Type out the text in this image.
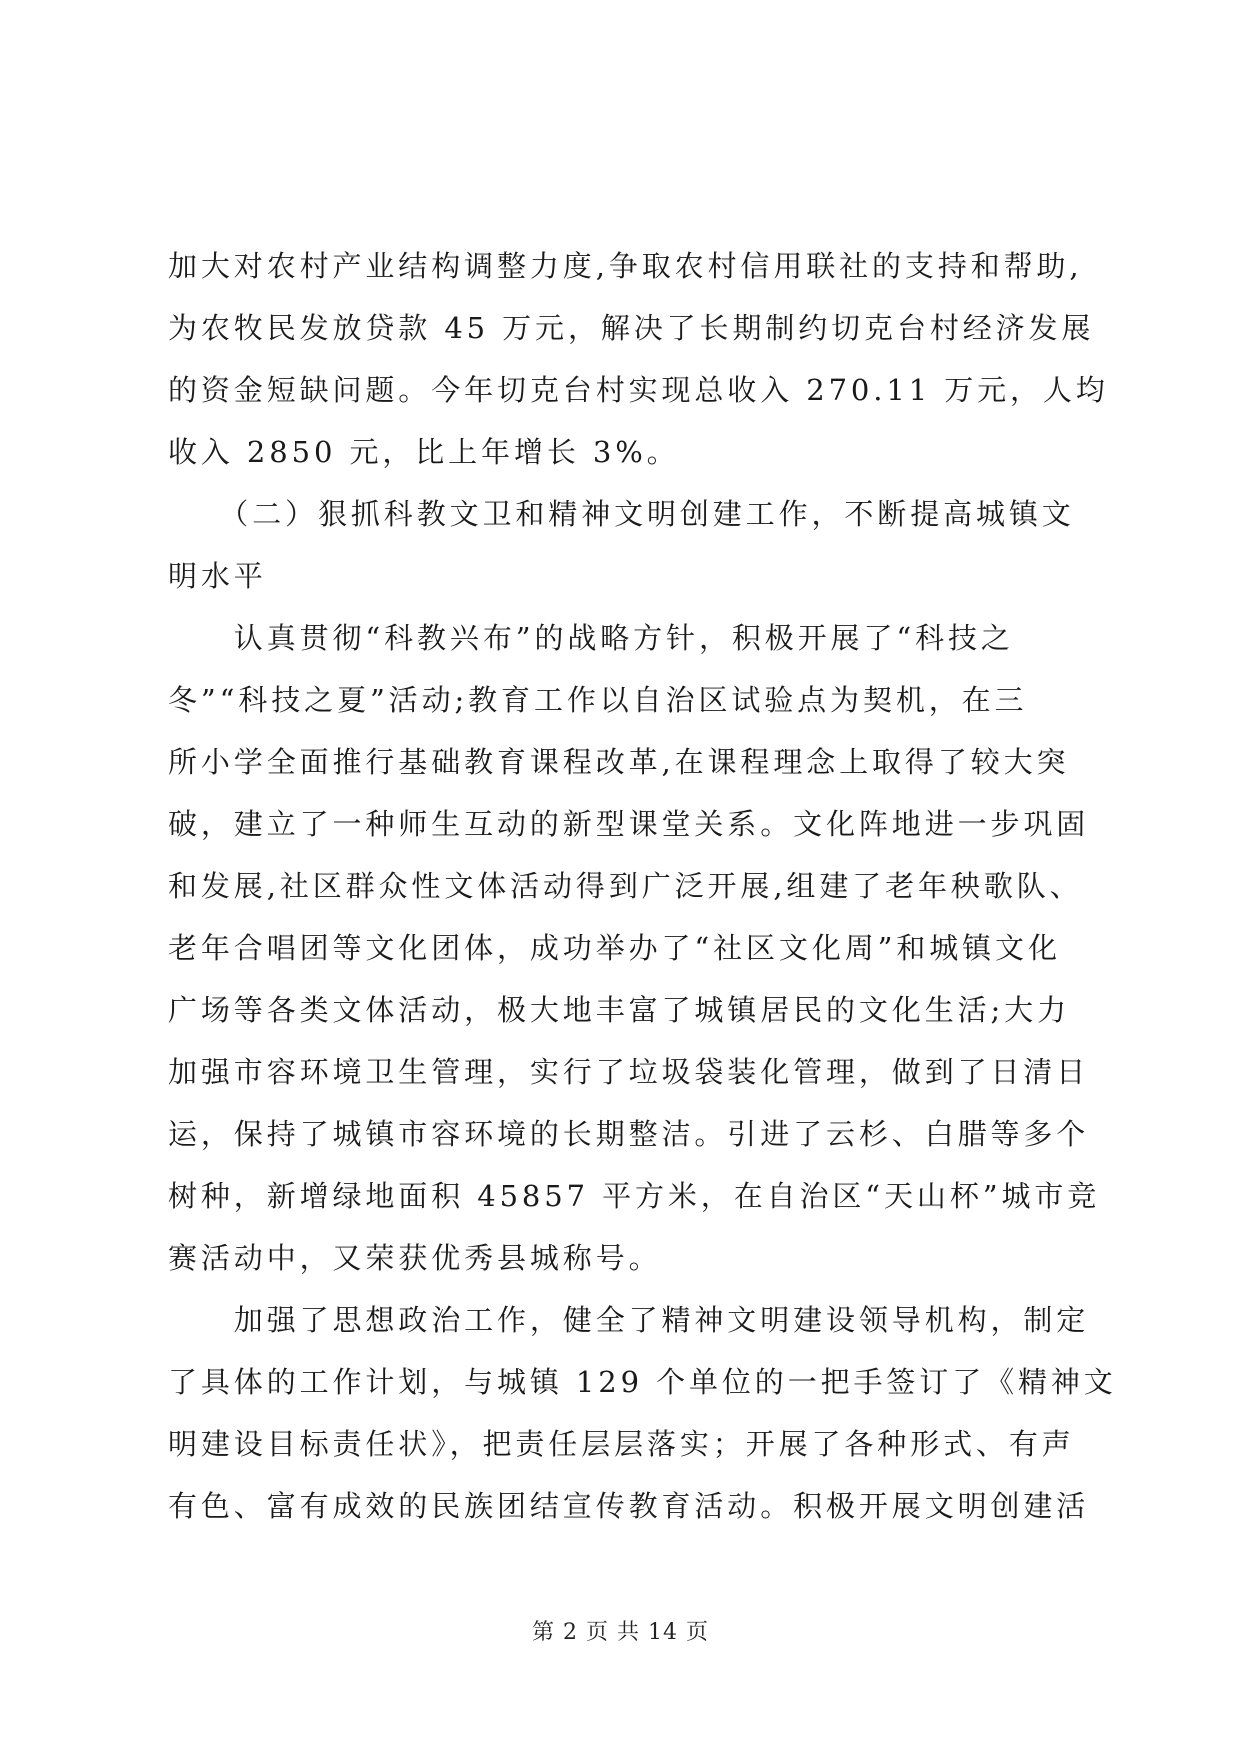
加大对农村产业结构调整力度,争取农村信用联社的支持和帮助,
为农牧民发放贷款 45 万元，解决了长期制约切克台村经济发展
的资金短缺问题。今年切克台村实现总收入 270.11 万元，人均
收入 2850 元，比上年增长 3%。
　　（二）狠抓科教文卫和精神文明创建工作，不断提高城镇文
明水平
　　认真贯彻“科教兴布”的战略方针，积极开展了“科技之
冬”“科技之夏”活动;教育工作以自治区试验点为契机，在三
所小学全面推行基础教育课程改革,在课程理念上取得了较大突
破，建立了一种师生互动的新型课堂关系。文化阵地进一步巩固
和发展,社区群众性文体活动得到广泛开展,组建了老年秧歌队、
老年合唱团等文化团体，成功举办了“社区文化周”和城镇文化
广场等各类文体活动，极大地丰富了城镇居民的文化生活;大力
加强市容环境卫生管理，实行了垃圾袋装化管理，做到了日清日
运，保持了城镇市容环境的长期整洁。引进了云杉、白腊等多个
树种，新增绿地面积 45857 平方米，在自治区“天山杯”城市竞
赛活动中，又荣获优秀县城称号。
　　加强了思想政治工作，健全了精神文明建设领导机构，制定
了具体的工作计划，与城镇 129 个单位的一把手签订了《精神文
明建设目标责任状》，把责任层层落实；开展了各种形式、有声
有色、富有成效的民族团结宣传教育活动。积极开展文明创建活
第 2 页 共 14 页
